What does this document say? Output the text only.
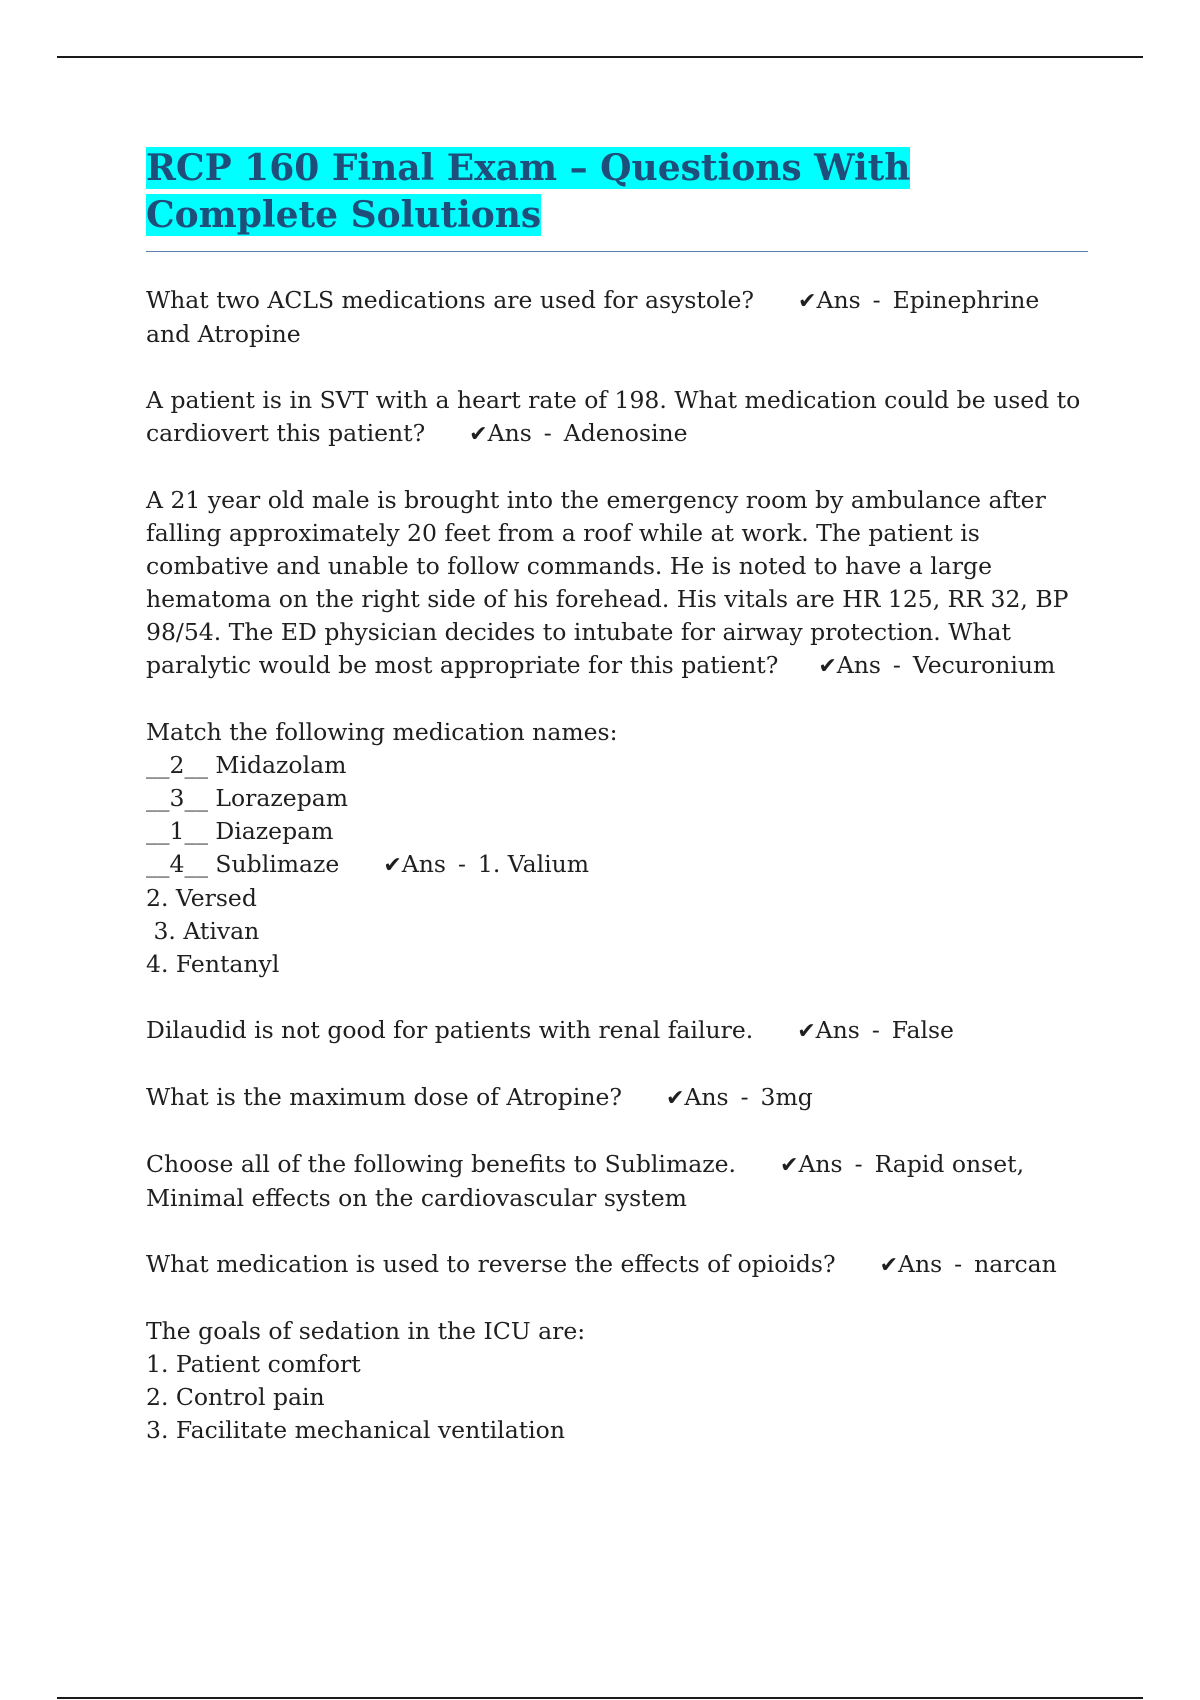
RCP 160 Final Exam – Questions With Complete Solutions

What two ACLS medications are used for asystole? ✔Ans - Epinephrine and Atropine

A patient is in SVT with a heart rate of 198. What medication could be used to cardiovert this patient? ✔Ans - Adenosine

A 21 year old male is brought into the emergency room by ambulance after falling approximately 20 feet from a roof while at work. The patient is combative and unable to follow commands. He is noted to have a large hematoma on the right side of his forehead. His vitals are HR 125, RR 32, BP 98/54. The ED physician decides to intubate for airway protection. What paralytic would be most appropriate for this patient? ✔Ans - Vecuronium

Match the following medication names:
__2__ Midazolam
__3__ Lorazepam
__1__ Diazepam
__4__ Sublimaze ✔Ans - 1. Valium
2. Versed
3. Ativan
4. Fentanyl

Dilaudid is not good for patients with renal failure. ✔Ans - False

What is the maximum dose of Atropine? ✔Ans - 3mg

Choose all of the following benefits to Sublimaze. ✔Ans - Rapid onset, Minimal effects on the cardiovascular system

What medication is used to reverse the effects of opioids? ✔Ans - narcan

The goals of sedation in the ICU are:
1. Patient comfort
2. Control pain
3. Facilitate mechanical ventilation
